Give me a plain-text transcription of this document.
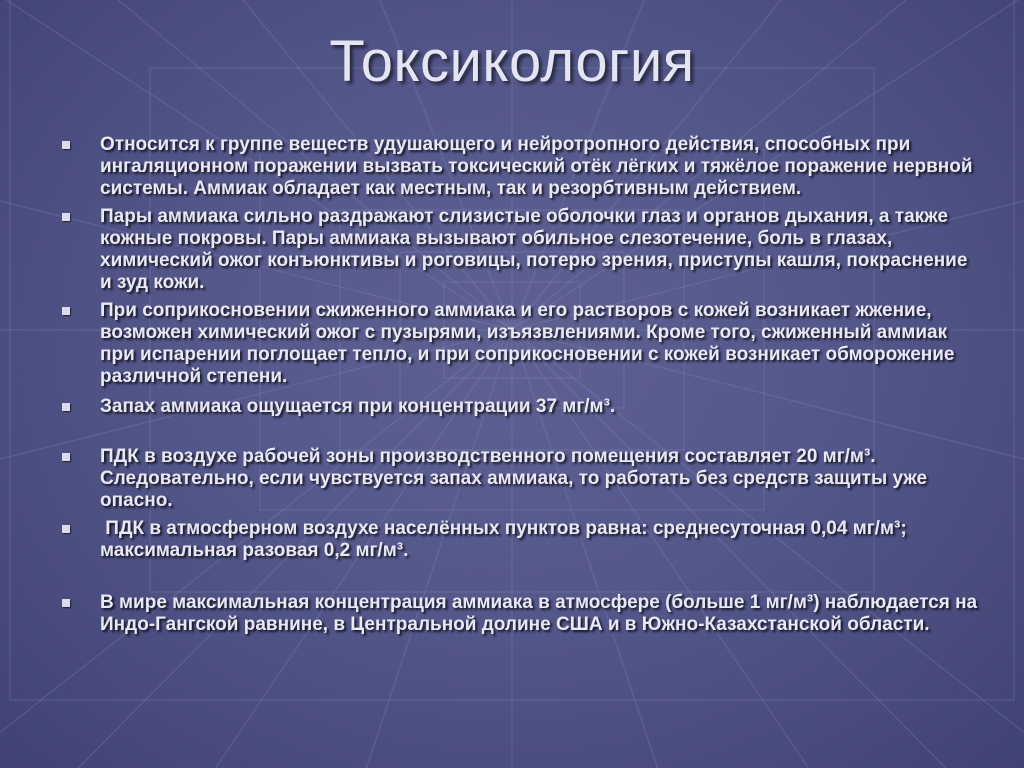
Токсикология
Относится к группе веществ удушающего и нейротропного действия, способных при ингаляционном поражении вызвать токсический отёк лёгких и тяжёлое поражение нервной системы. Аммиак обладает как местным, так и резорбтивным действием.
Пары аммиака сильно раздражают слизистые оболочки глаз и органов дыхания, а также кожные покровы. Пары аммиака вызывают обильное слезотечение, боль в глазах, химический ожог конъюнктивы и роговицы, потерю зрения, приступы кашля, покраснение и зуд кожи.
При соприкосновении сжиженного аммиака и его растворов с кожей возникает жжение, возможен химический ожог с пузырями, изъязвлениями. Кроме того, сжиженный аммиак при испарении поглощает тепло, и при соприкосновении с кожей возникает обморожение различной степени.
Запах аммиака ощущается при концентрации 37 мг/м³.
ПДК в воздухе рабочей зоны производственного помещения составляет 20 мг/м³. Следовательно, если чувствуется запах аммиака, то работать без средств защиты уже опасно.
ПДК в атмосферном воздухе населённых пунктов равна: среднесуточная 0,04 мг/м³; максимальная разовая 0,2 мг/м³.
В мире максимальная концентрация аммиака в атмосфере (больше 1 мг/м³) наблюдается на Индо-Гангской равнине, в Центральной долине США и в Южно-Казахстанской области.
